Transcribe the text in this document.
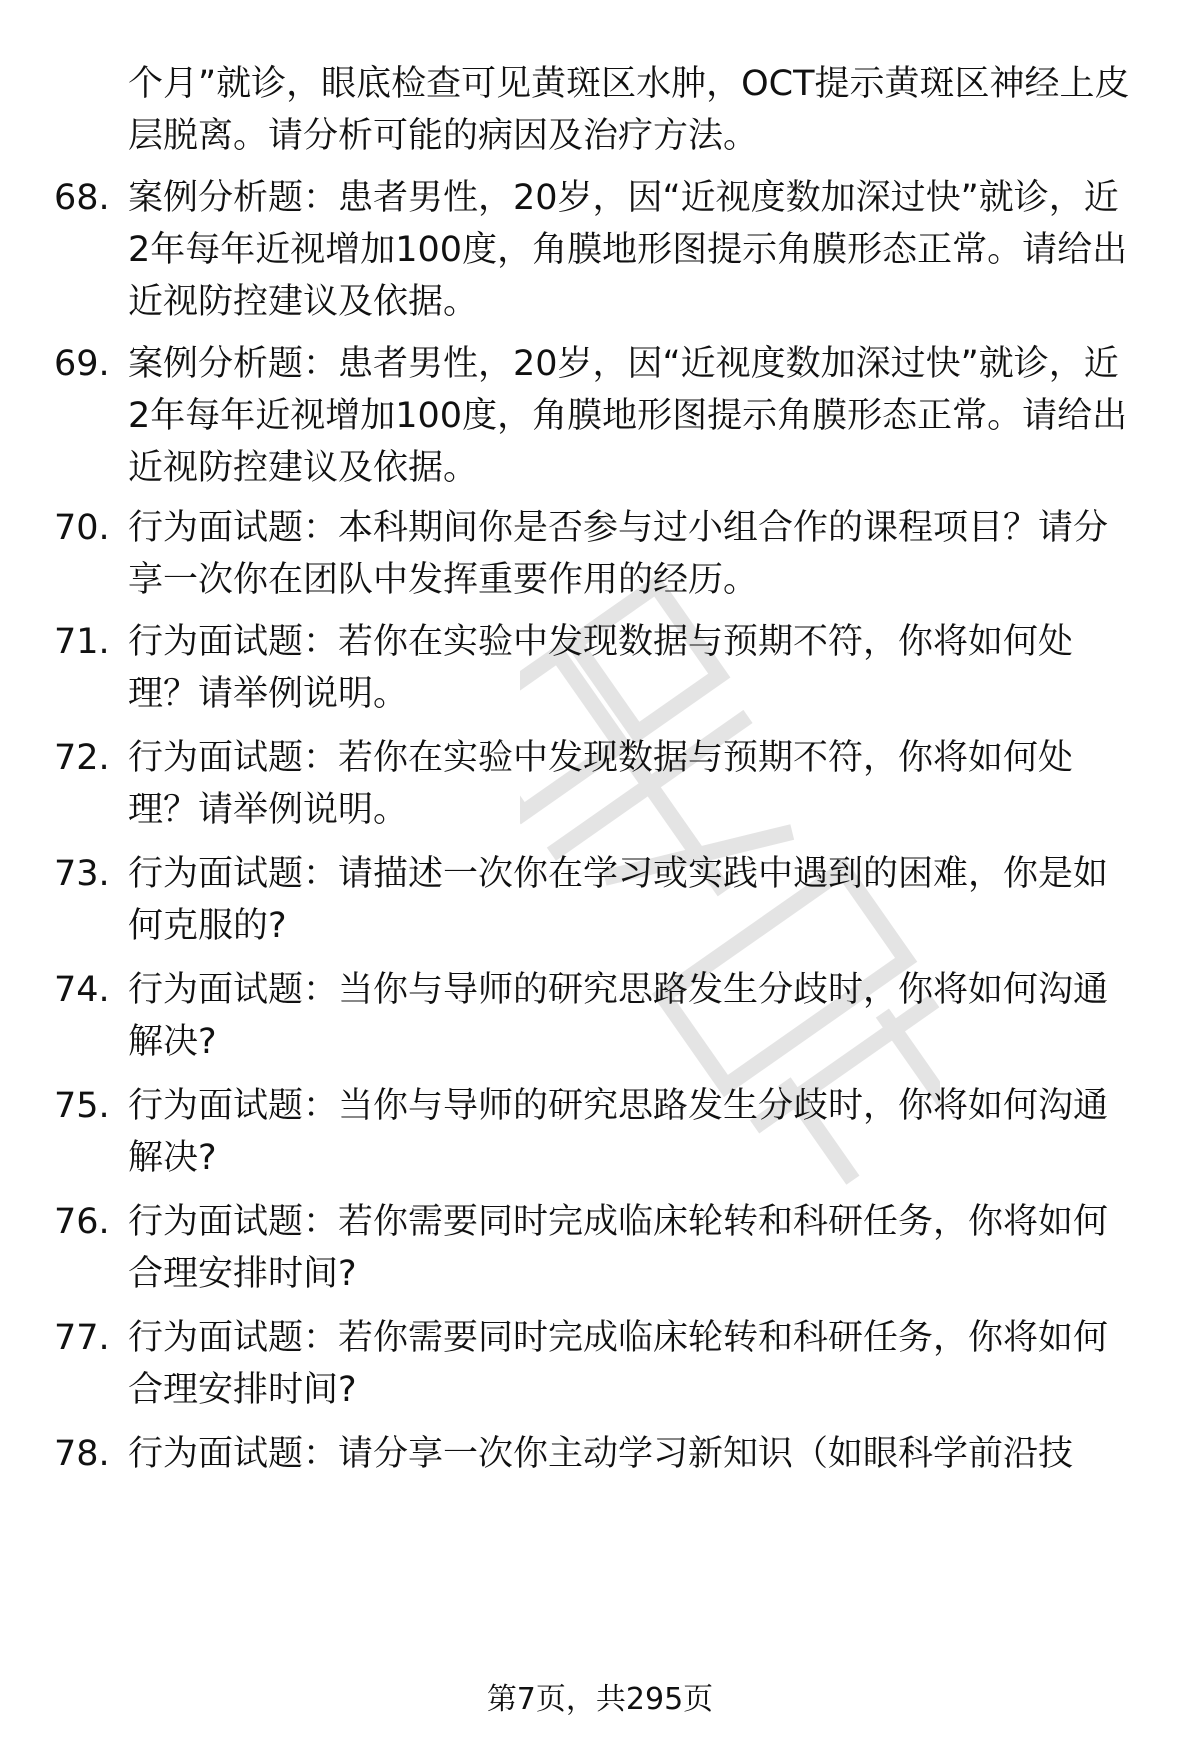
个月”就诊，眼底检查可见黄斑区水肿，OCT提示黄斑区神经上皮层脱离。请分析可能的病因及治疗方法。

68. 案例分析题：患者男性，20岁，因“近视度数加深过快”就诊，近2年每年近视增加100度，角膜地形图提示角膜形态正常。请给出近视防控建议及依据。

69. 案例分析题：患者男性，20岁，因“近视度数加深过快”就诊，近2年每年近视增加100度，角膜地形图提示角膜形态正常。请给出近视防控建议及依据。

70. 行为面试题：本科期间你是否参与过小组合作的课程项目？请分享一次你在团队中发挥重要作用的经历。

71. 行为面试题：若你在实验中发现数据与预期不符，你将如何处理？请举例说明。

72. 行为面试题：若你在实验中发现数据与预期不符，你将如何处理？请举例说明。

73. 行为面试题：请描述一次你在学习或实践中遇到的困难，你是如何克服的?

74. 行为面试题：当你与导师的研究思路发生分歧时，你将如何沟通解决?

75. 行为面试题：当你与导师的研究思路发生分歧时，你将如何沟通解决?

76. 行为面试题：若你需要同时完成临床轮转和科研任务，你将如何合理安排时间?

77. 行为面试题：若你需要同时完成临床轮转和科研任务，你将如何合理安排时间?

78. 行为面试题：请分享一次你主动学习新知识（如眼科学前沿技

第7页，共295页
